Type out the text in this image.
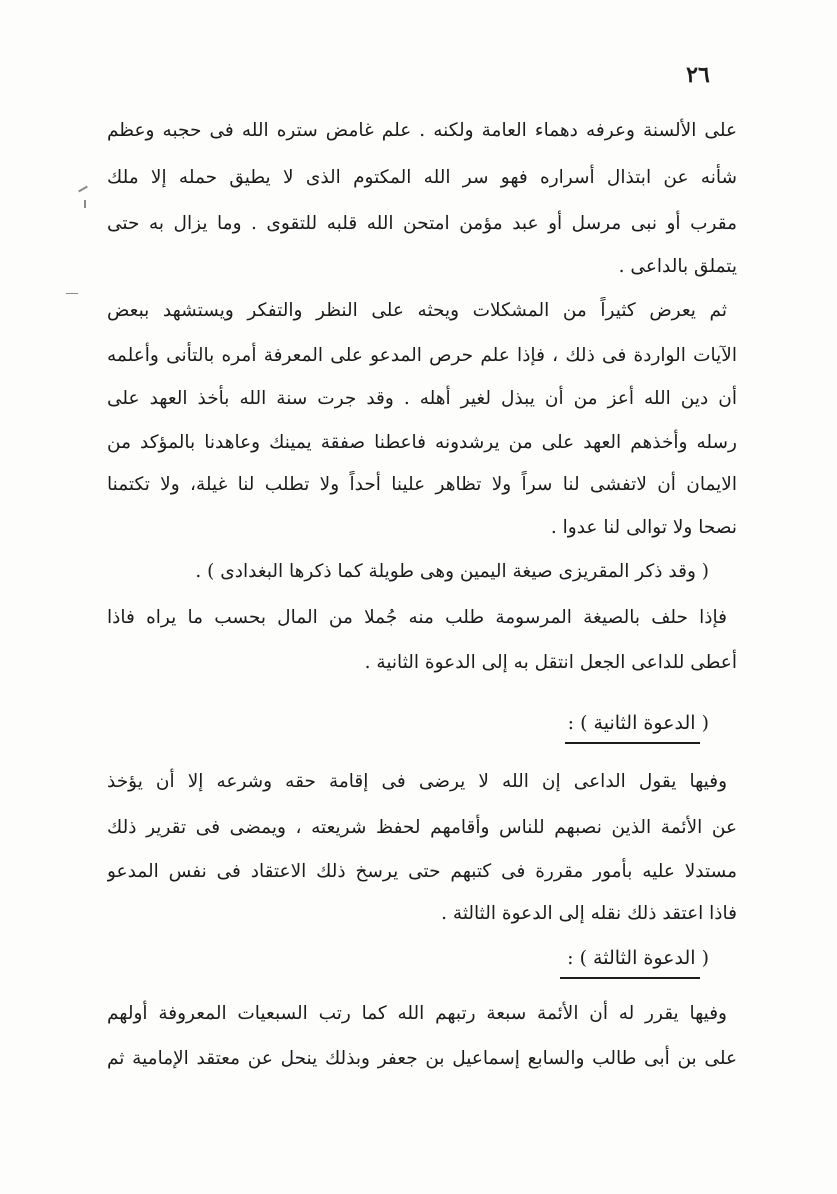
٢٦
على الألسنة وعرفه دهماء العامة ولكنه . علم غامض ستره الله فى حجبه وعظم
شأنه عن ابتذال أسراره فهو سر الله المكتوم الذى لا يطيق حمله إلا ملك
مقرب أو نبى مرسل أو عبد مؤمن امتحن الله قلبه للتقوى . وما يزال به حتى
يتملق بالداعى .
ثم يعرض كثيراً من المشكلات ويحثه على النظر والتفكر ويستشهد ببعض
الآيات الواردة فى ذلك ، فإذا علم حرص المدعو على المعرفة أمره بالتأنى وأعلمه
أن دين الله أعز من أن يبذل لغير أهله . وقد جرت سنة الله بأخذ العهد على
رسله وأخذهم العهد على من يرشدونه فاعطنا صفقة يمينك وعاهدنا بالمؤكد من
الايمان أن لاتفشى لنا سراً ولا تظاهر علينا أحداً ولا تطلب لنا غيلة، ولا تكتمنا
نصحا ولا توالى لنا عدوا .
( وقد ذكر المقريزى صيغة اليمين وهى طويلة كما ذكرها البغدادى ) .
فإذا حلف بالصيغة المرسومة طلب منه جُملا من المال بحسب ما يراه فاذا
أعطى للداعى الجعل انتقل به إلى الدعوة الثانية .
( الدعوة الثانية ) :
وفيها يقول الداعى إن الله لا يرضى فى إقامة حقه وشرعه إلا أن يؤخذ
عن الأئمة الذين نصبهم للناس وأقامهم لحفظ شريعته ، ويمضى فى تقرير ذلك
مستدلا عليه بأمور مقررة فى كتبهم حتى يرسخ ذلك الاعتقاد فى نفس المدعو
فاذا اعتقد ذلك نقله إلى الدعوة الثالثة .
( الدعوة الثالثة ) :
وفيها يقرر له أن الأئمة سبعة رتبهم الله كما رتب السبعيات المعروفة أولهم
على بن أبى طالب والسابع إسماعيل بن جعفر وبذلك ينحل عن معتقد الإمامية ثم
